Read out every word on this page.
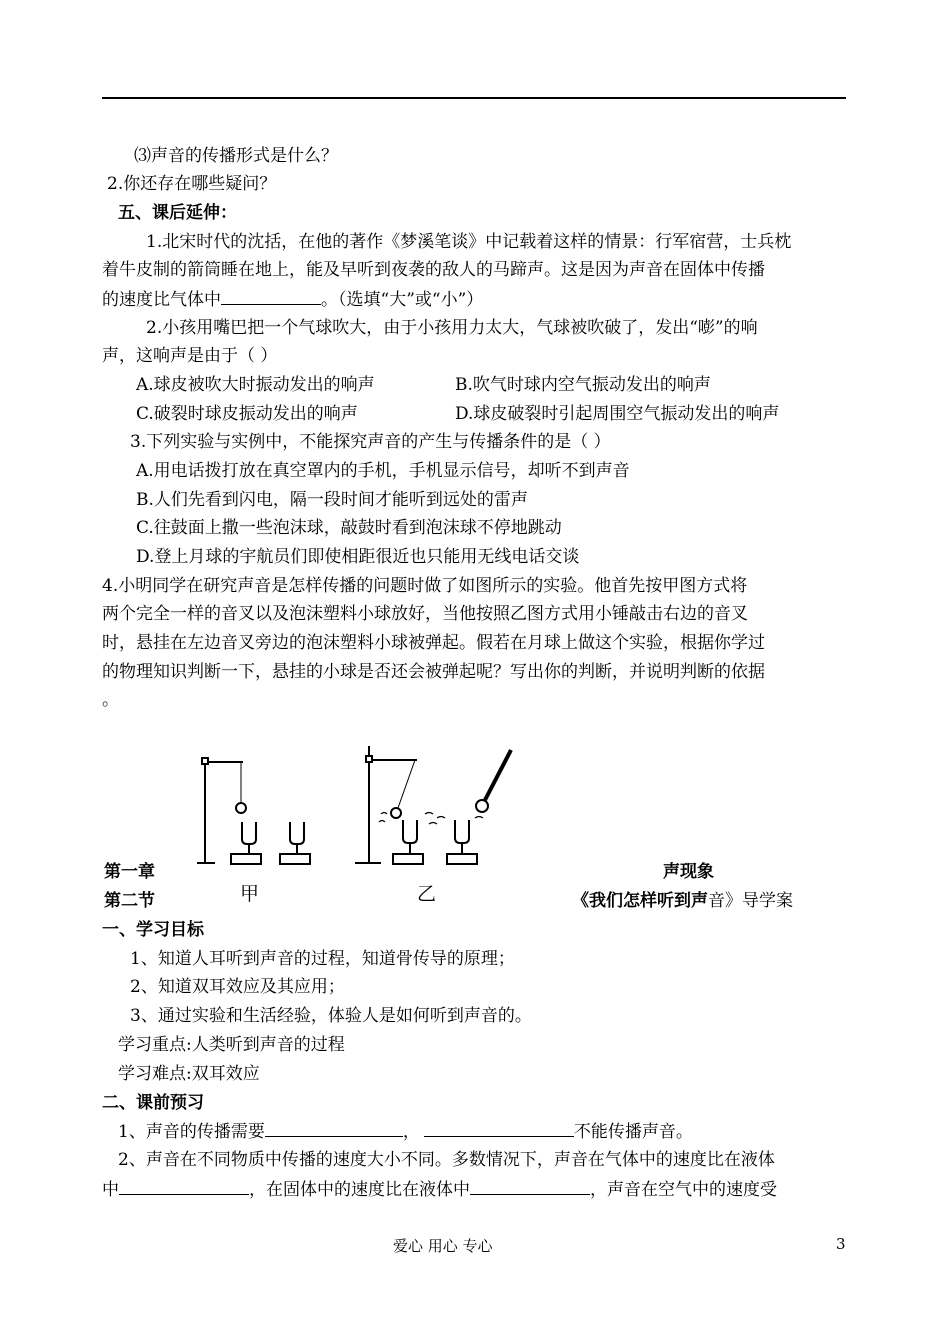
⑶声音的传播形式是什么？
2.你还存在哪些疑问？
五、课后延伸：
1.北宋时代的沈括，在他的著作《梦溪笔谈》中记载着这样的情景：行军宿营，士兵枕
着牛皮制的箭筒睡在地上，能及早听到夜袭的敌人的马蹄声。这是因为声音在固体中传播
的速度比气体中	。（选填“大”或“小”）
2.小孩用嘴巴把一个气球吹大，由于小孩用力太大，气球被吹破了，发出“嘭”的响
声，这响声是由于（ ）
A.球皮被吹大时振动发出的响声	B.吹气时球内空气振动发出的响声
C.破裂时球皮振动发出的响声	D.球皮破裂时引起周围空气振动发出的响声
3.下列实验与实例中，不能探究声音的产生与传播条件的是（ ）
A.用电话拨打放在真空罩内的手机，手机显示信号，却听不到声音
B.人们先看到闪电，隔一段时间才能听到远处的雷声
C.往鼓面上撒一些泡沫球，敲鼓时看到泡沫球不停地跳动
D.登上月球的宇航员们即使相距很近也只能用无线电话交谈
4.小明同学在研究声音是怎样传播的问题时做了如图所示的实验。他首先按甲图方式将
两个完全一样的音叉以及泡沫塑料小球放好，当他按照乙图方式用小锤敲击右边的音叉
时，悬挂在左边音叉旁边的泡沫塑料小球被弹起。假若在月球上做这个实验，根据你学过
的物理知识判断一下，悬挂的小球是否还会被弹起呢？写出你的判断，并说明判断的依据
。
甲	乙
第一章	声现象
第二节	《我们怎样听到声音》导学案
一、学习目标
1、知道人耳听到声音的过程，知道骨传导的原理；
2、知道双耳效应及其应用；
3、通过实验和生活经验，体验人是如何听到声音的。
学习重点:人类听到声音的过程
学习难点:双耳效应
二、课前预习
1、声音的传播需要	，	不能传播声音。
2、声音在不同物质中传播的速度大小不同。多数情况下，声音在气体中的速度比在液体
中	，在固体中的速度比在液体中	，声音在空气中的速度受
爱心 用心 专心	3
